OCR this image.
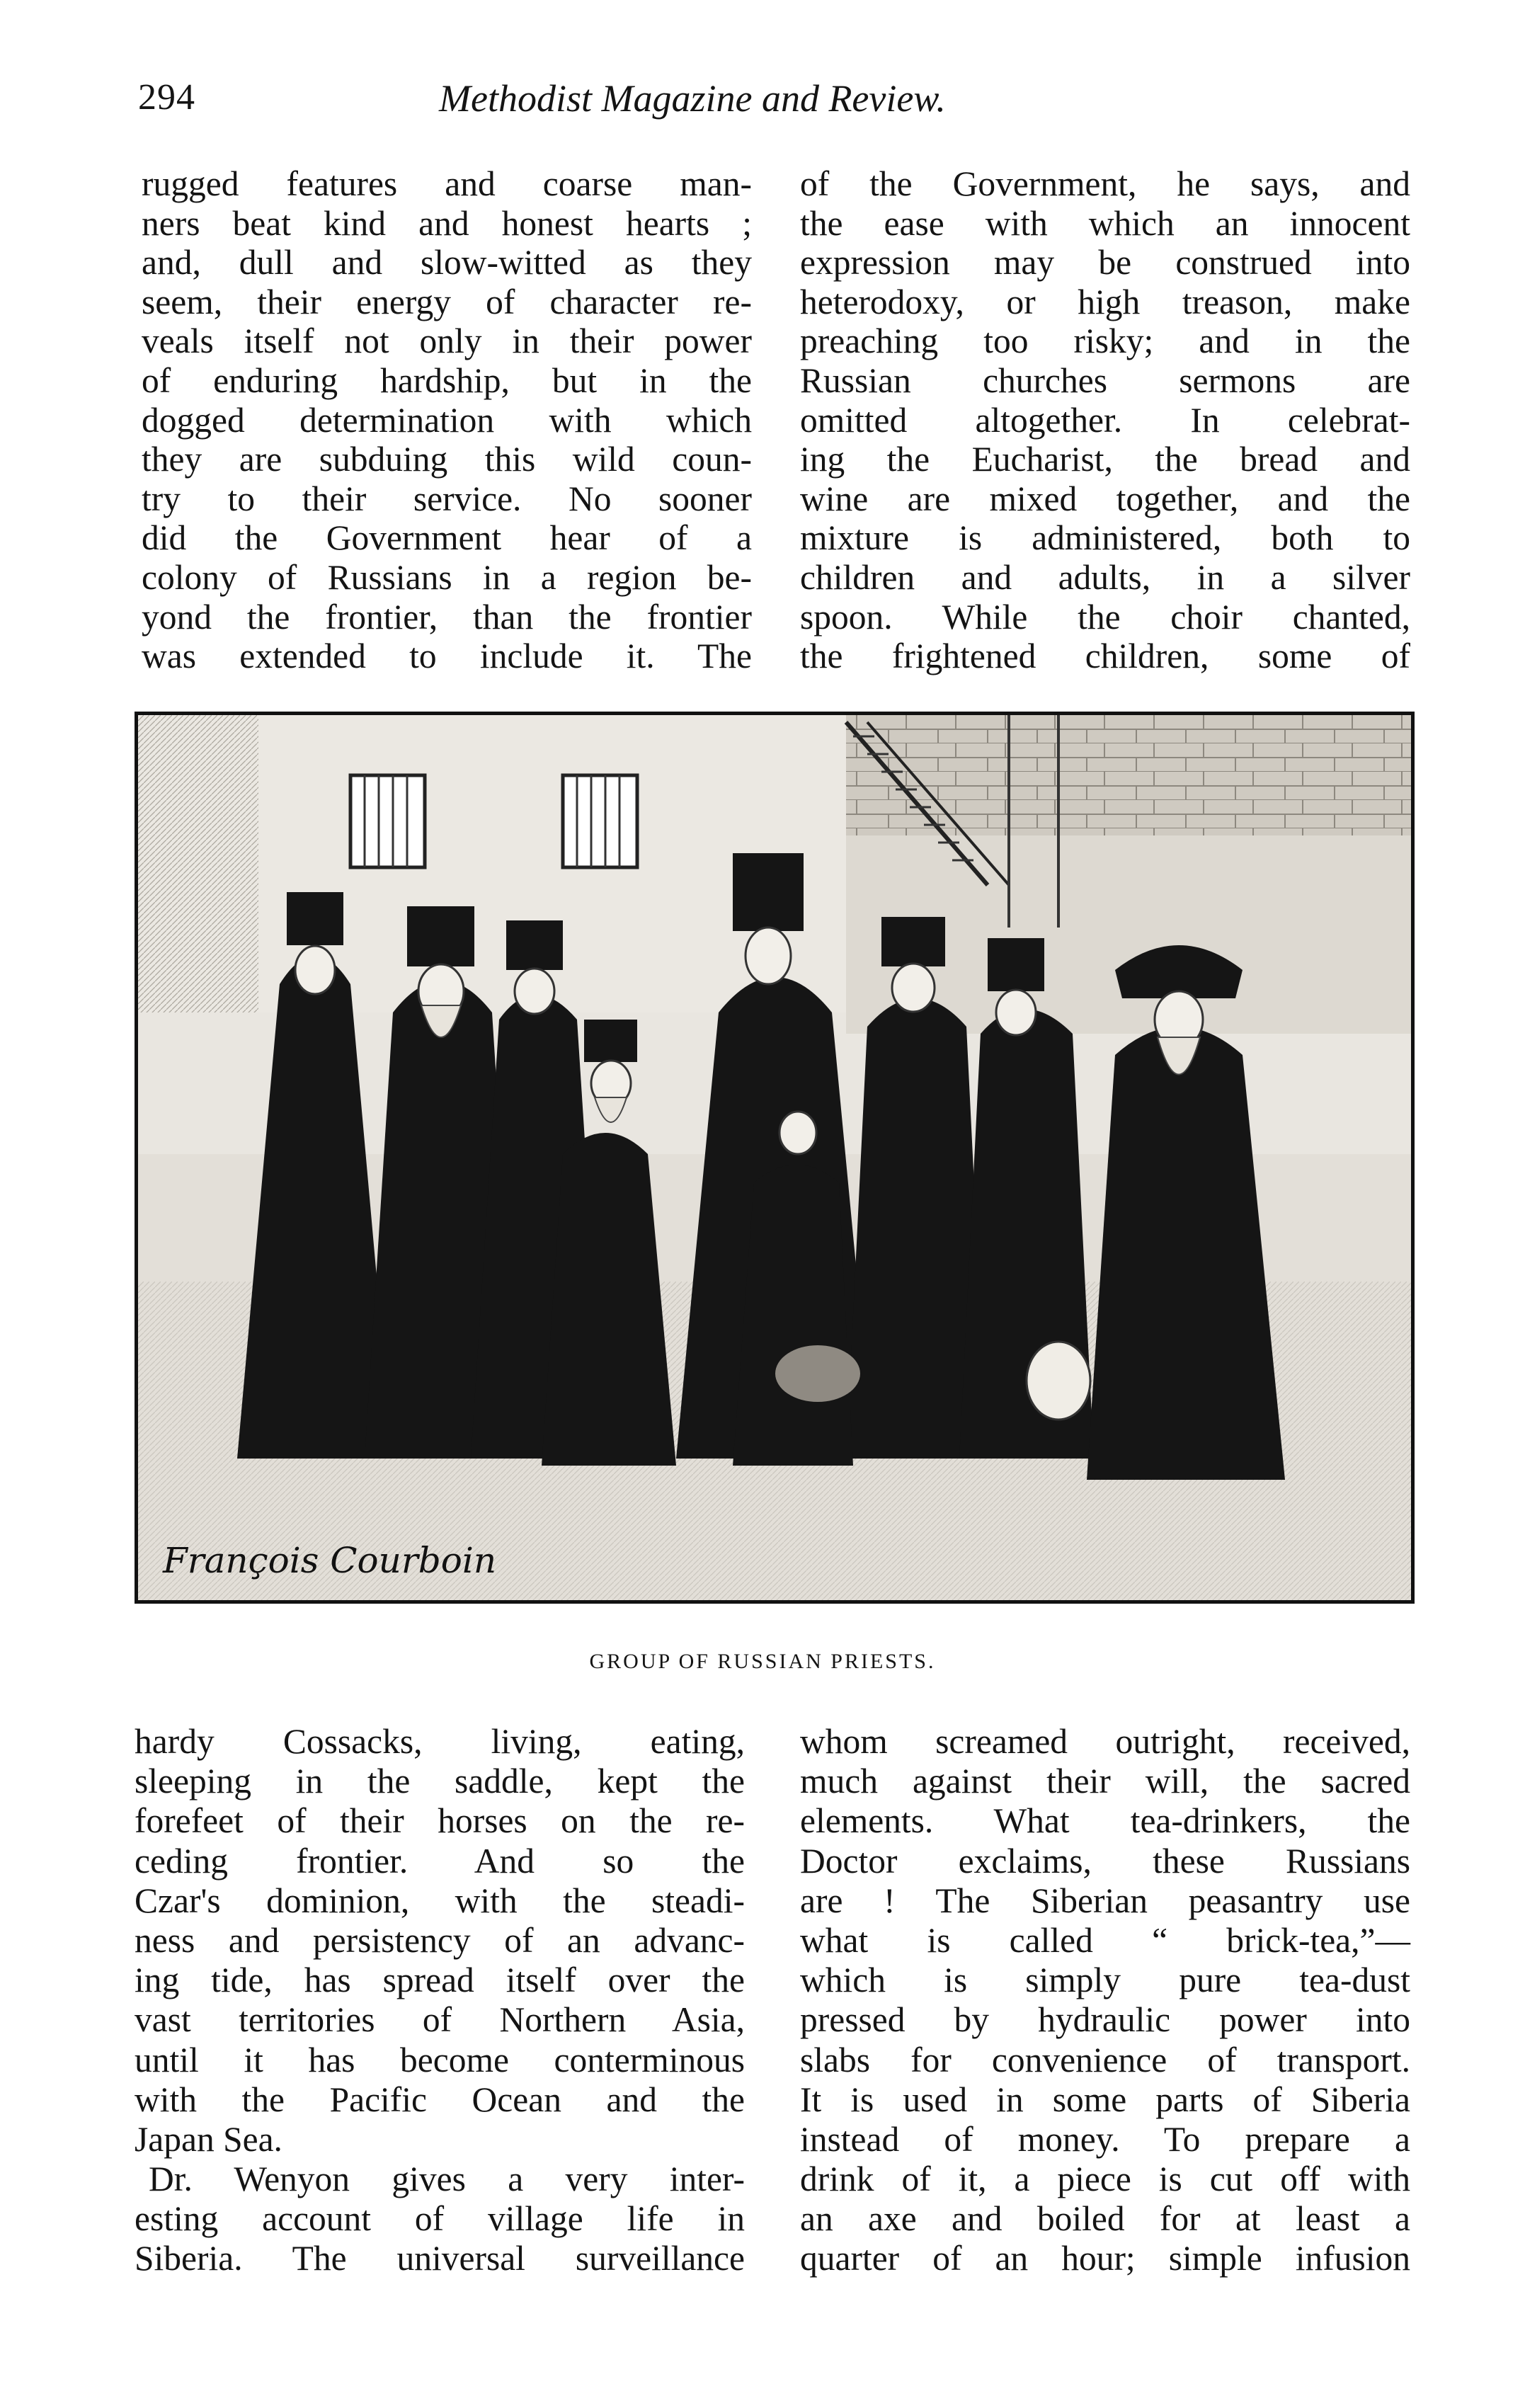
294	Methodist Magazine and Review.
rugged features and coarse man-
ners beat kind and honest hearts ;
and, dull and slow-witted as they
seem, their energy of character re-
veals itself not only in their power
of enduring hardship, but in the
dogged determination with which
they are subduing this wild coun-
try to their service. No sooner
did the Government hear of a
colony of Russians in a region be-
yond the frontier, than the frontier
was extended to include it. The
of the Government, he says, and
the ease with which an innocent
expression may be construed into
heterodoxy, or high treason, make
preaching too risky; and in the
Russian churches sermons are
omitted altogether. In celebrat-
ing the Eucharist, the bread and
wine are mixed together, and the
mixture is administered, both to
children and adults, in a silver
spoon. While the choir chanted,
the frightened children, some of
François Courboin
GROUP OF RUSSIAN PRIESTS.
hardy Cossacks, living, eating,
sleeping in the saddle, kept the
forefeet of their horses on the re-
ceding frontier. And so the
Czar's dominion, with the steadi-
ness and persistency of an advanc-
ing tide, has spread itself over the
vast territories of Northern Asia,
until it has become conterminous
with the Pacific Ocean and the
Japan Sea.
Dr. Wenyon gives a very inter-
esting account of village life in
Siberia. The universal surveillance
whom screamed outright, received,
much against their will, the sacred
elements. What tea-drinkers, the
Doctor exclaims, these Russians
are ! The Siberian peasantry use
what is called “ brick-tea,”—
which is simply pure tea-dust
pressed by hydraulic power into
slabs for convenience of transport.
It is used in some parts of Siberia
instead of money. To prepare a
drink of it, a piece is cut off with
an axe and boiled for at least a
quarter of an hour; simple infusion
